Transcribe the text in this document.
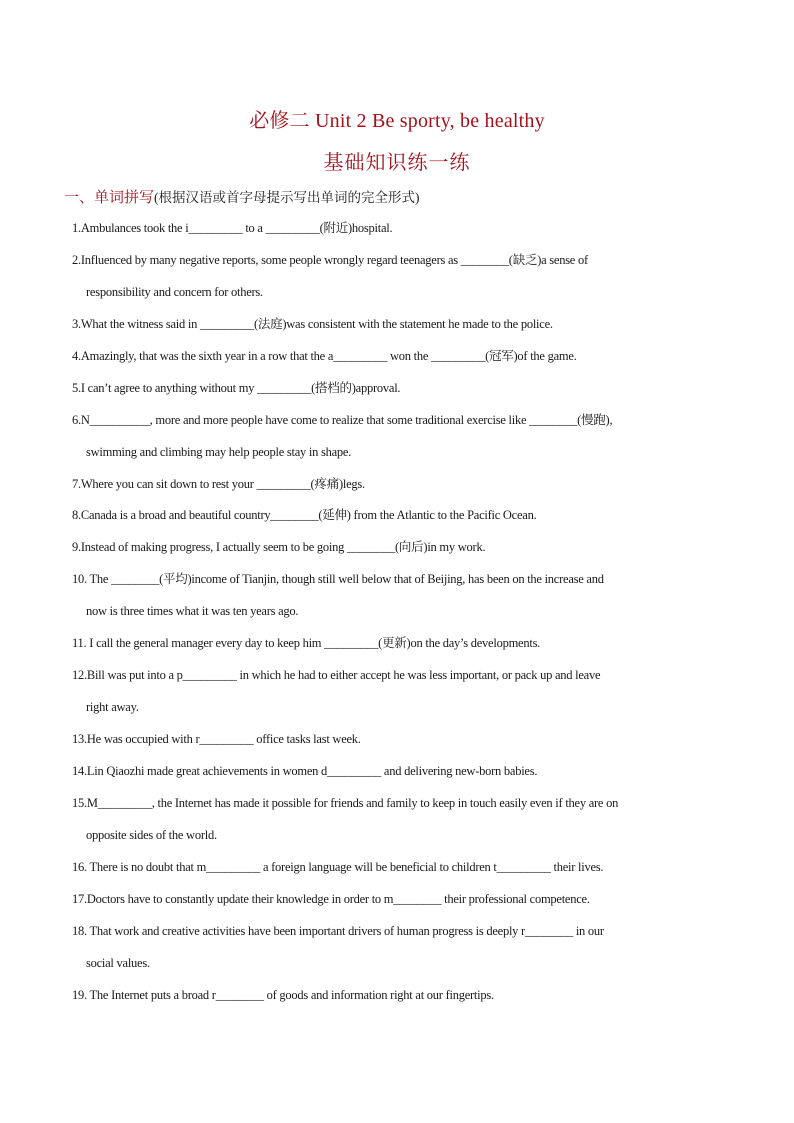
必修二 Unit 2 Be sporty, be healthy
基础知识练一练
一、单词拼写(根据汉语或首字母提示写出单词的完全形式)
1.Ambulances took the i_________ to a _________(附近)hospital.
2.Influenced by many negative reports, some people wrongly regard teenagers as ________(缺乏)a sense of
responsibility and concern for others.
3.What the witness said in _________(法庭)was consistent with the statement he made to the police.
4.Amazingly, that was the sixth year in a row that the a_________ won the _________(冠军)of the game.
5.I can’t agree to anything without my _________(搭档的)approval.
6.N__________, more and more people have come to realize that some traditional exercise like ________(慢跑),
swimming and climbing may help people stay in shape.
7.Where you can sit down to rest your _________(疼痛)legs.
8.Canada is a broad and beautiful country________(延伸) from the Atlantic to the Pacific Ocean.
9.Instead of making progress, I actually seem to be going ________(向后)in my work.
10. The ________(平均)income of Tianjin, though still well below that of Beijing, has been on the increase and
now is three times what it was ten years ago.
11. I call the general manager every day to keep him _________(更新)on the day’s developments.
12.Bill was put into a p_________ in which he had to either accept he was less important, or pack up and leave
right away.
13.He was occupied with r_________ office tasks last week.
14.Lin Qiaozhi made great achievements in women d_________ and delivering new-born babies.
15.M_________, the Internet has made it possible for friends and family to keep in touch easily even if they are on
opposite sides of the world.
16. There is no doubt that m_________ a foreign language will be beneficial to children t_________ their lives.
17.Doctors have to constantly update their knowledge in order to m________ their professional competence.
18. That work and creative activities have been important drivers of human progress is deeply r________ in our
social values.
19. The Internet puts a broad r________ of goods and information right at our fingertips.
